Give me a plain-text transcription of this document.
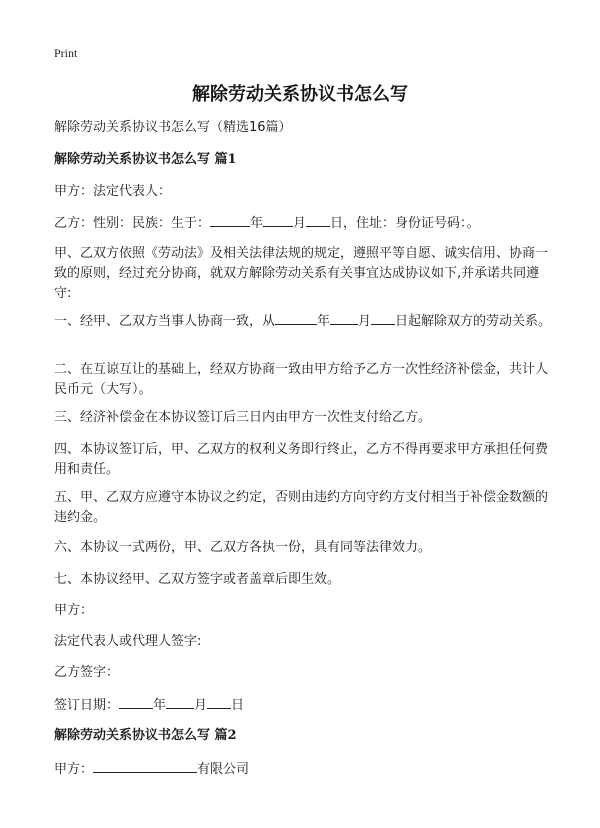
Print
解除劳动关系协议书怎么写
解除劳动关系协议书怎么写（精选16篇）
解除劳动关系协议书怎么写 篇1
甲方：法定代表人：
乙方：性别：民族：生于：	年 月 日，住址：身份证号码：。
甲、乙双方依照《劳动法》及相关法律法规的规定，遵照平等自愿、诚实信用、协商一致的原则，经过充分协商，就双方解除劳动关系有关事宜达成协议如下,并承诺共同遵守:
一、经甲、乙双方当事人协商一致，从	年 月 日起解除双方的劳动关系。
二、在互谅互让的基础上，经双方协商一致由甲方给予乙方一次性经济补偿金，共计人民币元（大写）。
三、经济补偿金在本协议签订后三日内由甲方一次性支付给乙方。
四、本协议签订后，甲、乙双方的权利义务即行终止，乙方不得再要求甲方承担任何费用和责任。
五、甲、乙双方应遵守本协议之约定，否则由违约方向守约方支付相当于补偿金数额的违约金。
六、本协议一式两份，甲、乙双方各执一份，具有同等法律效力。
七、本协议经甲、乙双方签字或者盖章后即生效。
甲方：
法定代表人或代理人签字:
乙方签字：
签订日期：	年 月 日
解除劳动关系协议书怎么写 篇2
甲方：	有限公司
